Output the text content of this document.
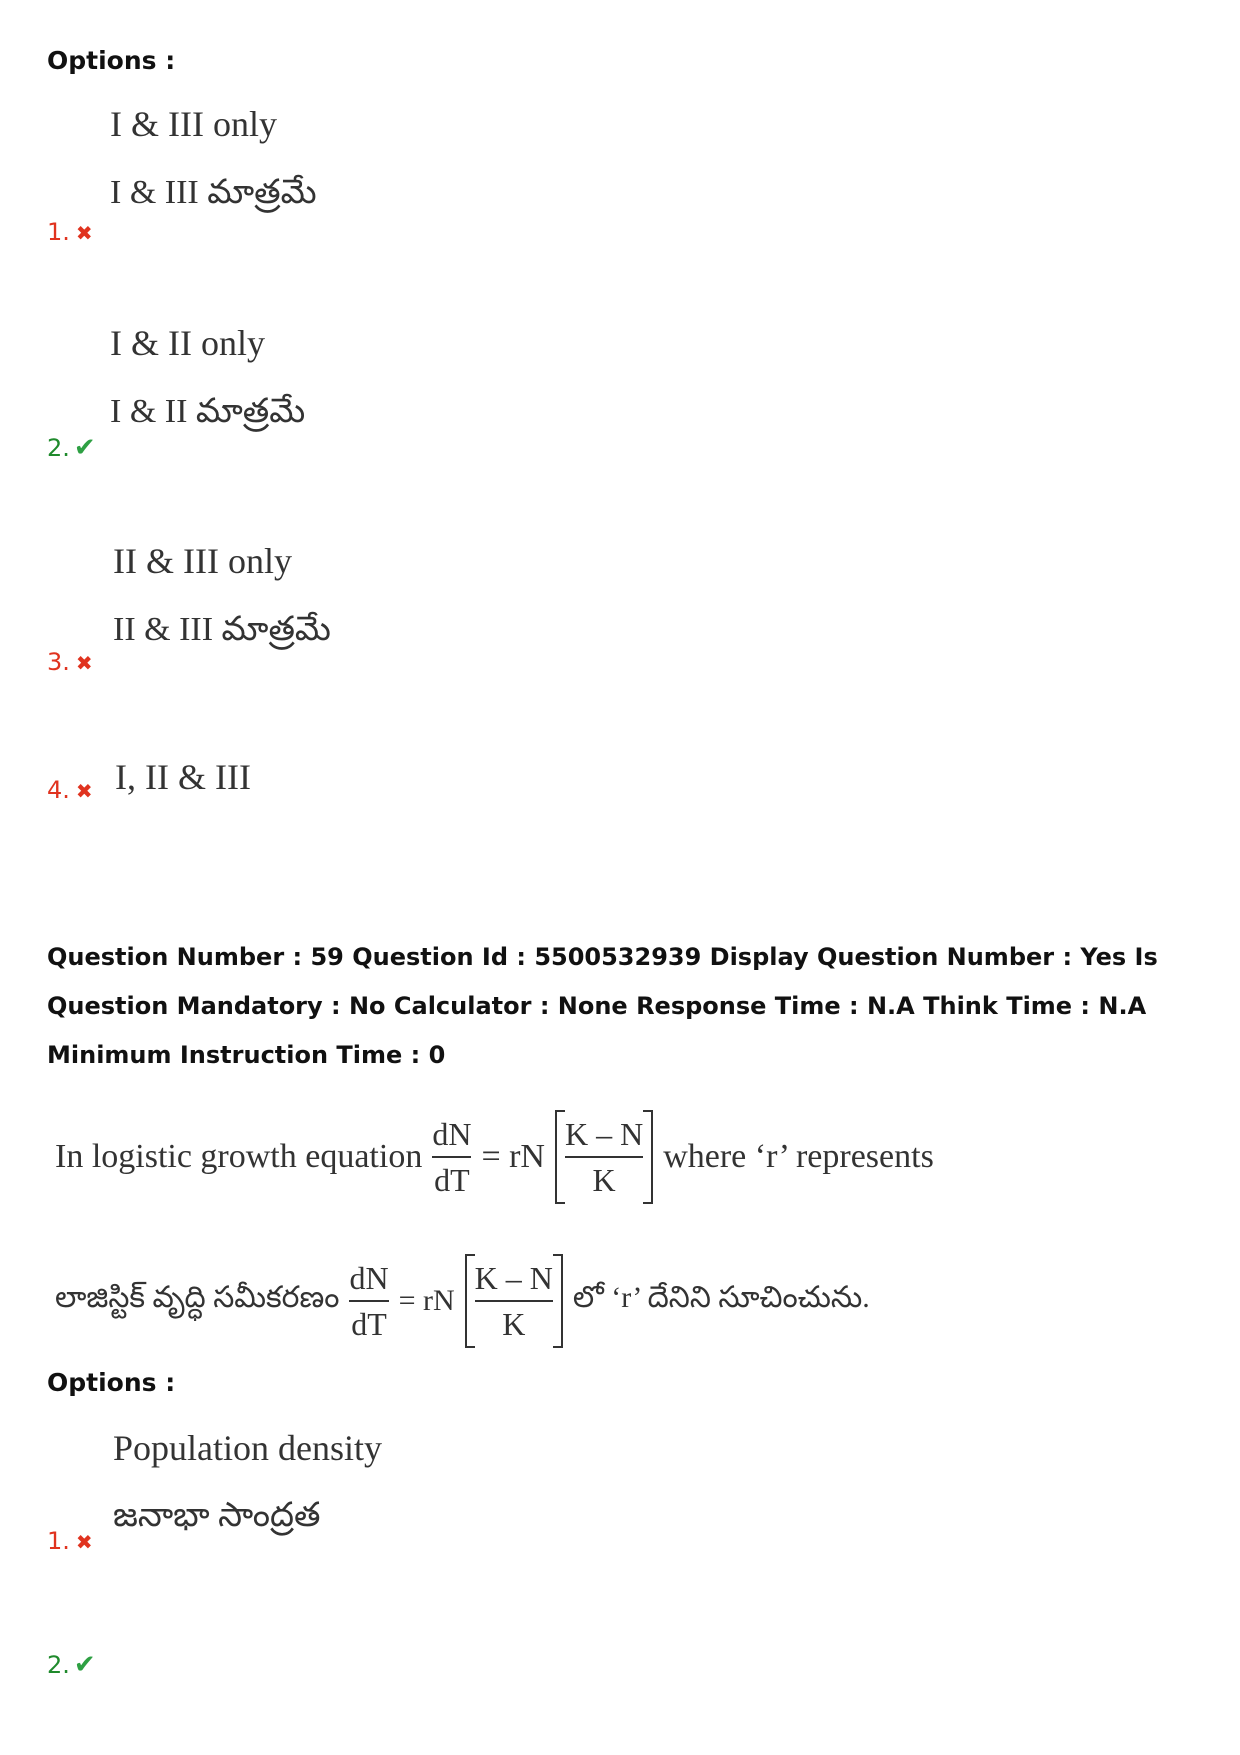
Options :
I & III only
I & III మాత్రమే
1. ✖
I & II only
I & II మాత్రమే
2. ✔
II & III only
II & III మాత్రమే
3. ✖
I, II & III
4. ✖
Question Number : 59 Question Id : 5500532939 Display Question Number : Yes Is Question Mandatory : No Calculator : None Response Time : N.A Think Time : N.A Minimum Instruction Time : 0
In logistic growth equation $\frac{dN}{dT}$ = rN $\frac{K - N}{K}$ where ‘r’ represents
లాజిస్టిక్ వృద్ధి సమీకరణం $\frac{dN}{dT}$ = rN $\frac{K - N}{K}$ లో ‘r’ దేనిని సూచించును.
Options :
Population density
జనాభా సాంద్రత
1. ✖
2. ✔
